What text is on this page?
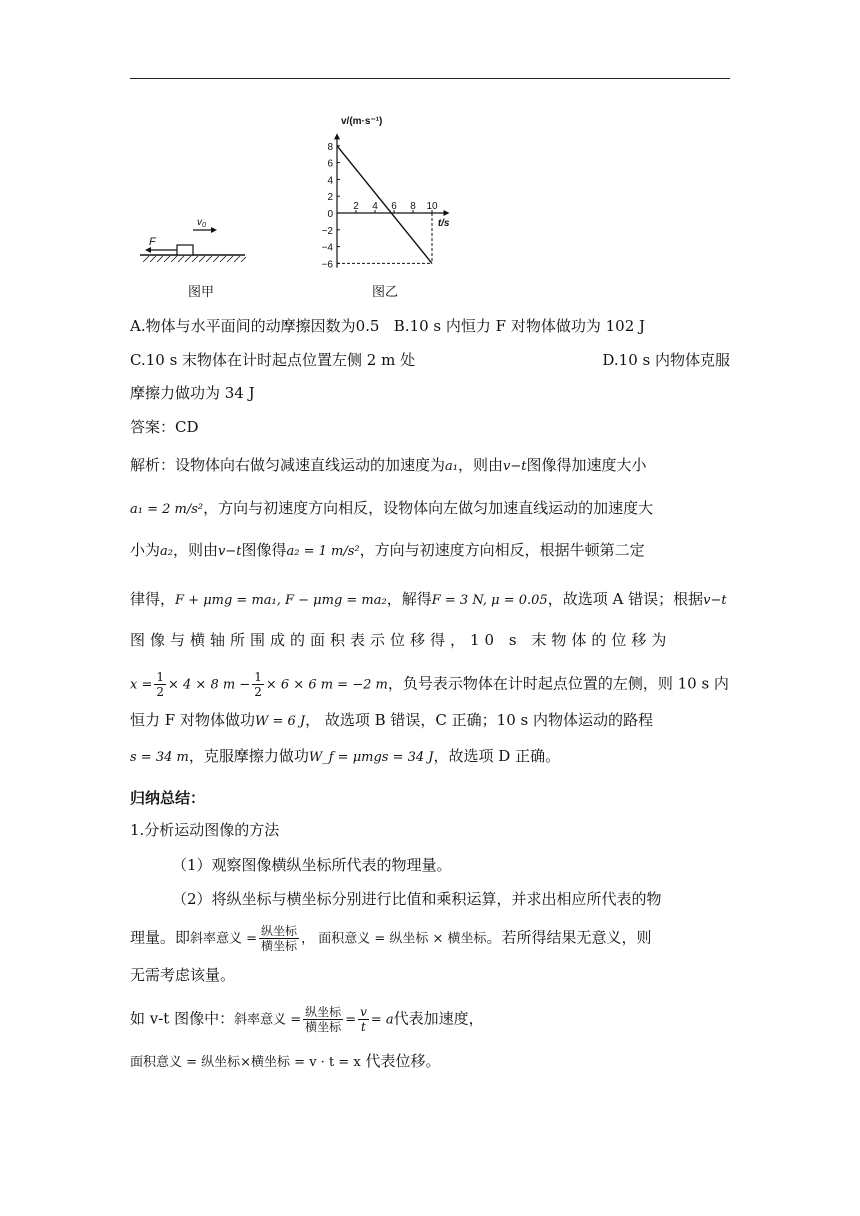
F
$v_0$
图甲
8
6
4
2
0
−2
−4
−6
2 4 6 8 10
v/(m·s⁻¹)
t/s
图乙
A.物体与水平面间的动摩擦因数为0.5 B.10 s 内恒力 F 对物体做功为 102 J
C.10 s 末物体在计时起点位置左侧 2 m 处	D.10 s 内物体克服
摩擦力做功为 34 J
答案：CD
解析：设物体向右做匀减速直线运动的加速度为a₁，则由v−t图像得加速度大小
a₁ = 2 m/s²，方向与初速度方向相反，设物体向左做匀加速直线运动的加速度大
小为a₂，则由v−t图像得a₂ = 1 m/s²，方向与初速度方向相反，根据牛顿第二定
律得，F + μmg = ma₁, F − μmg = ma₂，解得F = 3 N, μ = 0.05，故选项 A 错误；根据v−t
图像与横轴所围成的面积表示位移得，10 s 末物体的位移为
$x = \frac{1}{2} \times 4 \times 8$ $m - \frac{1}{2} \times 6 \times 6$ m = −2 m，负号表示物体在计时起点位置的左侧，则 10 s 内
恒力 F 对物体做功W = 6 J， 故选项 B 错误，C 正确；10 s 内物体运动的路程
s = 34 m，克服摩擦力做功W_f = μmgs = 34 J，故选项 D 正确。
归纳总结：
1.分析运动图像的方法
（1）观察图像横纵坐标所代表的物理量。
（2）将纵坐标与横坐标分别进行比值和乘积运算，并求出相应所代表的物
理量。即斜率意义 = $\frac{\text{纵坐标}}{\text{横坐标}}$ ， 面积意义 = 纵坐标 × 横坐标。若所得结果无意义，则
无需考虑该量。
如 v-t 图像中：斜率意义 = $\frac{\text{纵坐标}}{\text{横坐标}} = \frac{v}{t} = a$代表加速度，
面积意义 = 纵坐标×横坐标 = v · t = x 代表位移。
